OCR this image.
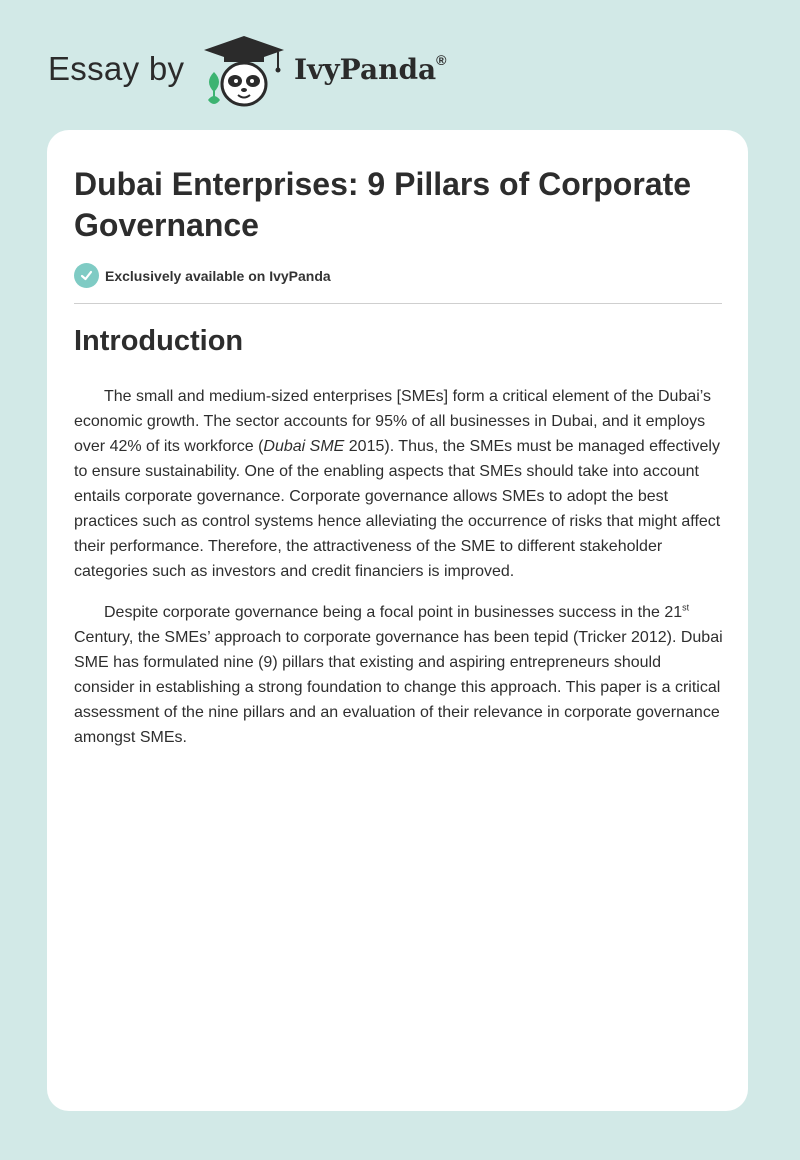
Essay by	IvyPanda®
Dubai Enterprises: 9 Pillars of Corporate Governance
Exclusively available on IvyPanda
Introduction

The small and medium-sized enterprises [SMEs] form a critical element of the Dubai’s economic growth. The sector accounts for 95% of all businesses in Dubai, and it employs over 42% of its workforce (Dubai SME 2015). Thus, the SMEs must be managed effectively to ensure sustainability. One of the enabling aspects that SMEs should take into account entails corporate governance. Corporate governance allows SMEs to adopt the best practices such as control systems hence alleviating the occurrence of risks that might affect their performance. Therefore, the attractiveness of the SME to different stakeholder categories such as investors and credit financiers is improved.

Despite corporate governance being a focal point in businesses success in the 21st Century, the SMEs’ approach to corporate governance has been tepid (Tricker 2012). Dubai SME has formulated nine (9) pillars that existing and aspiring entrepreneurs should consider in establishing a strong foundation to change this approach. This paper is a critical assessment of the nine pillars and an evaluation of their relevance in corporate governance amongst SMEs.
